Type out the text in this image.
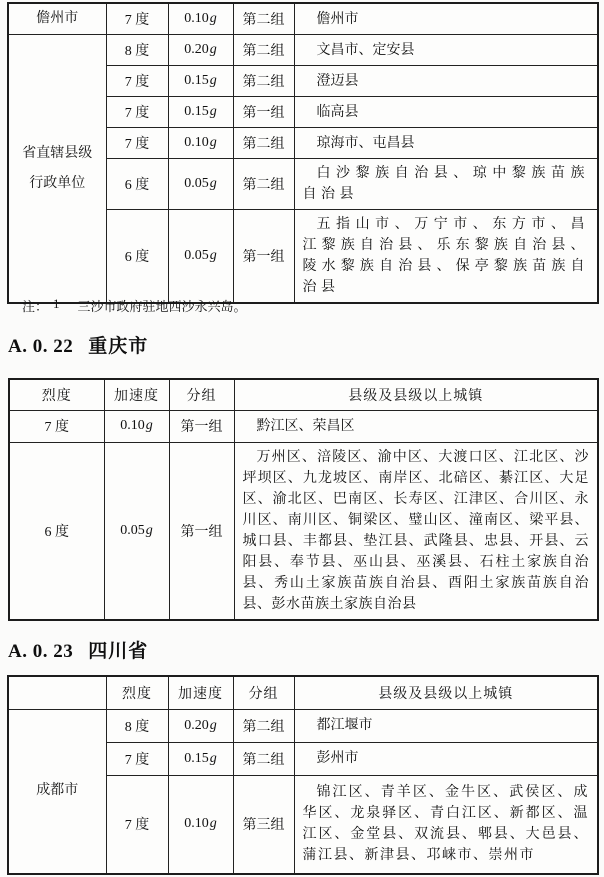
儋州市	7 度	0.10g	第二组	儋州市

省直辖县级行政单位	8 度	0.20g	第二组	文昌市、定安县

	7 度	0.15g	第二组	澄迈县

	7 度	0.15g	第一组	临高县

	7 度	0.10g	第二组	琼海市、屯昌县

	6 度	0.05g	第二组	白沙黎族自治县、琼中黎族苗族自治县

	6 度	0.05g	第一组	五指山市、万宁市、东方市、昌江黎族自治县、乐东黎族自治县、陵水黎族自治县、保亭黎族苗族自治县
注： 1 三沙市政府驻地西沙永兴岛。
A. 0. 22 重庆市
烈度	加速度	分组	县级及县级以上城镇
7 度	0.10g	第一组	黔江区、荣昌区

6 度	0.05g	第一组	万州区、涪陵区、渝中区、大渡口区、江北区、沙坪坝区、九龙坡区、南岸区、北碚区、綦江区、大足区、渝北区、巴南区、长寿区、江津区、合川区、永川区、南川区、铜梁区、璧山区、潼南区、梁平县、城口县、丰都县、垫江县、武隆县、忠县、开县、云阳县、奉节县、巫山县、巫溪县、石柱土家族自治县、秀山土家族苗族自治县、酉阳土家族苗族自治县、彭水苗族土家族自治县
A. 0. 23 四川省
	烈度	加速度	分组	县级及县级以上城镇
成都市	8 度	0.20g	第二组	都江堰市

	7 度	0.15g	第二组	彭州市

	7 度	0.10g	第三组	锦江区、青羊区、金牛区、武侯区、成华区、龙泉驿区、青白江区、新都区、温江区、金堂县、双流县、郫县、大邑县、蒲江县、新津县、邛崃市、崇州市
